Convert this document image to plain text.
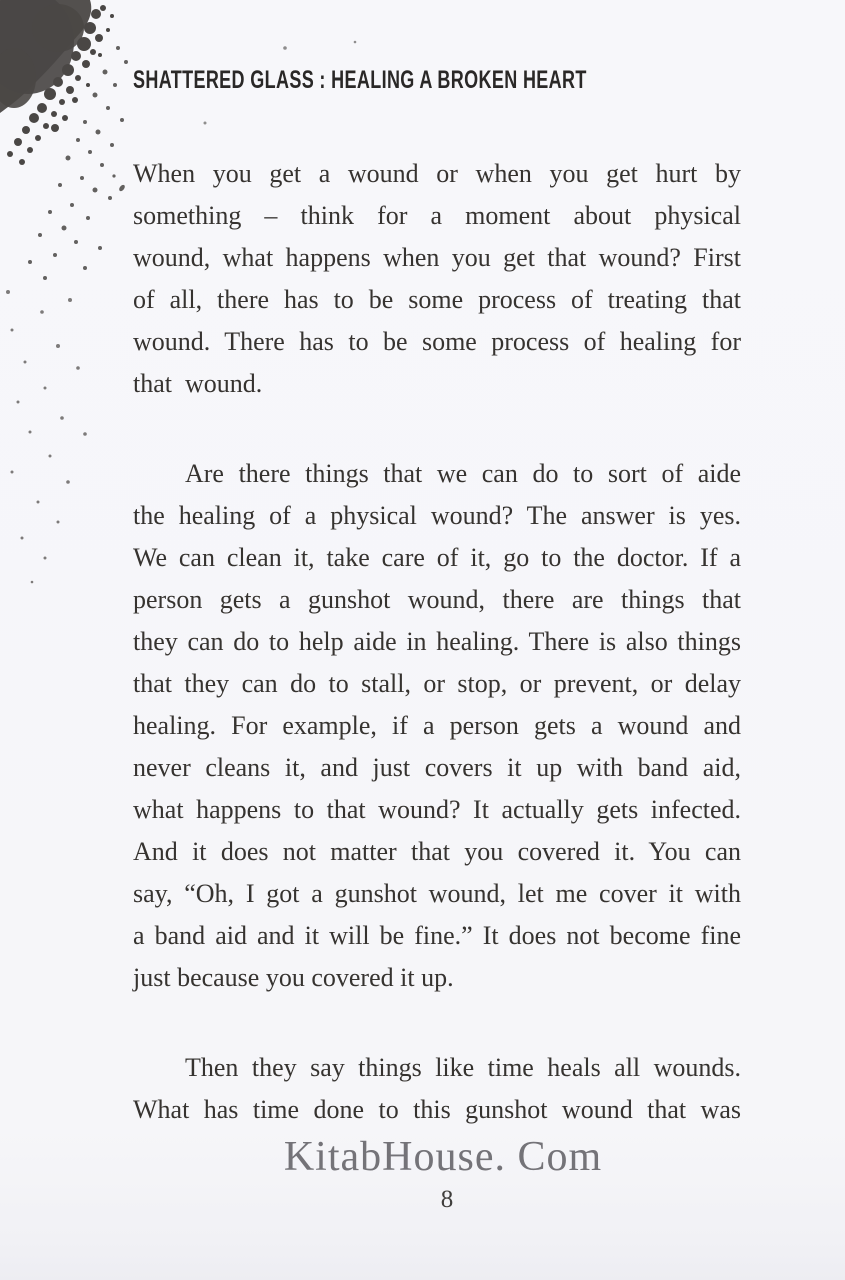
SHATTERED GLASS : HEALING A BROKEN HEART
When you get a wound or when you get hurt by
something – think for a moment about physical
wound, what happens when you get that wound? First
of all, there has to be some process of treating that
wound. There has to be some process of healing for
that  wound.
Are there things that we can do to sort of aide
the healing of a physical wound? The answer is yes.
We can clean it, take care of it, go to the doctor. If a
person gets a gunshot wound, there are things that
they can do to help aide in healing. There is also things
that they can do to stall, or stop, or prevent, or delay
healing. For example, if a person gets a wound and
never cleans it, and just covers it up with band aid,
what happens to that wound? It actually gets infected.
And it does not matter that you covered it. You can
say, “Oh, I got a gunshot wound, let me cover it with
a band aid and it will be fine.” It does not become fine
just because you covered it up.
Then they say things like time heals all wounds.
What has time done to this gunshot wound that was
KitabHouse. Com
8
